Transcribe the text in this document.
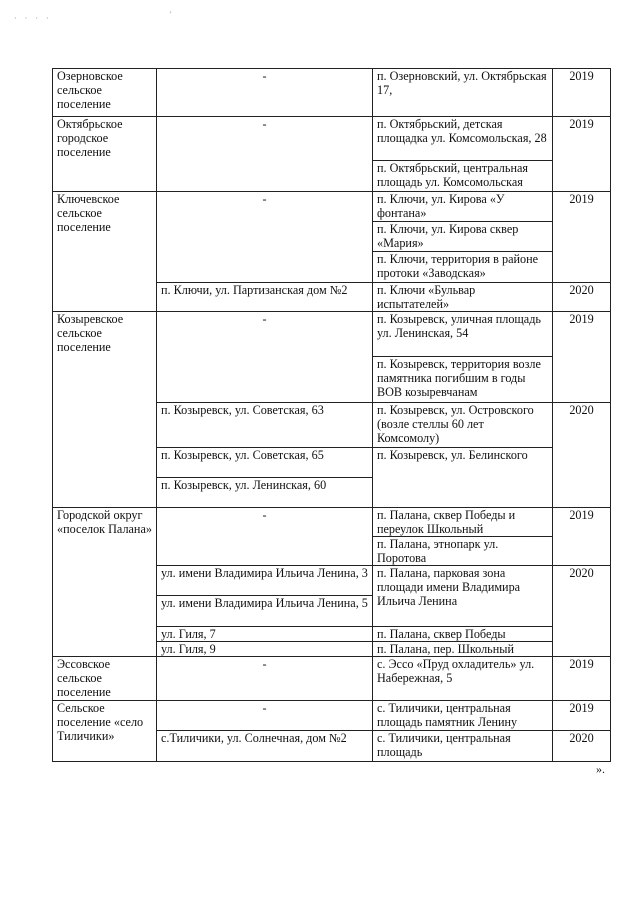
· · · ·	'
Озерновское сельское поселение	-	п. Озерновский, ул. Октябрьская 17,	2019
Октябрьское городское поселение	-	п. Октябрьский, детская площадка ул. Комсомольская, 28	2019
		п. Октябрьский, центральная площадь ул. Комсомольская	
Ключевское сельское поселение	-	п. Ключи, ул. Кирова «У фонтана»	2019
		п. Ключи, ул. Кирова сквер «Мария»	
		п. Ключи, территория в районе протоки «Заводская»	
	п. Ключи, ул. Партизанская дом №2	п. Ключи «Бульвар испытателей»	2020
Козыревское сельское поселение	-	п. Козыревск, уличная площадь ул. Ленинская, 54	2019
		п. Козыревск, территория возле памятника погибшим в годы ВОВ козыревчанам	
	п. Козыревск, ул. Советская, 63	п. Козыревск, ул. Островского (возле стеллы 60 лет Комсомолу)	2020
	п. Козыревск, ул. Советская, 65	п. Козыревск, ул. Белинского	
	п. Козыревск, ул. Ленинская, 60		
Городской округ «поселок Палана»	-	п. Палана, сквер Победы и переулок Школьный	2019
		п. Палана, этнопарк ул. Поротова	
	ул. имени Владимира Ильича Ленина, 3	п. Палана, парковая зона площади имени Владимира Ильича Ленина	2020
	ул. имени Владимира Ильича Ленина, 5		
	ул. Гиля, 7	п. Палана, сквер Победы	
	ул. Гиля, 9	п. Палана, пер. Школьный	
Эссовское сельское поселение	-	с. Эссо «Пруд охладитель» ул. Набережная, 5	2019
Сельское поселение «село Тиличики»	-	с. Тиличики, центральная площадь памятник Ленину	2019
	с.Тиличики, ул. Солнечная, дом №2	с. Тиличики, центральная площадь	2020
».
